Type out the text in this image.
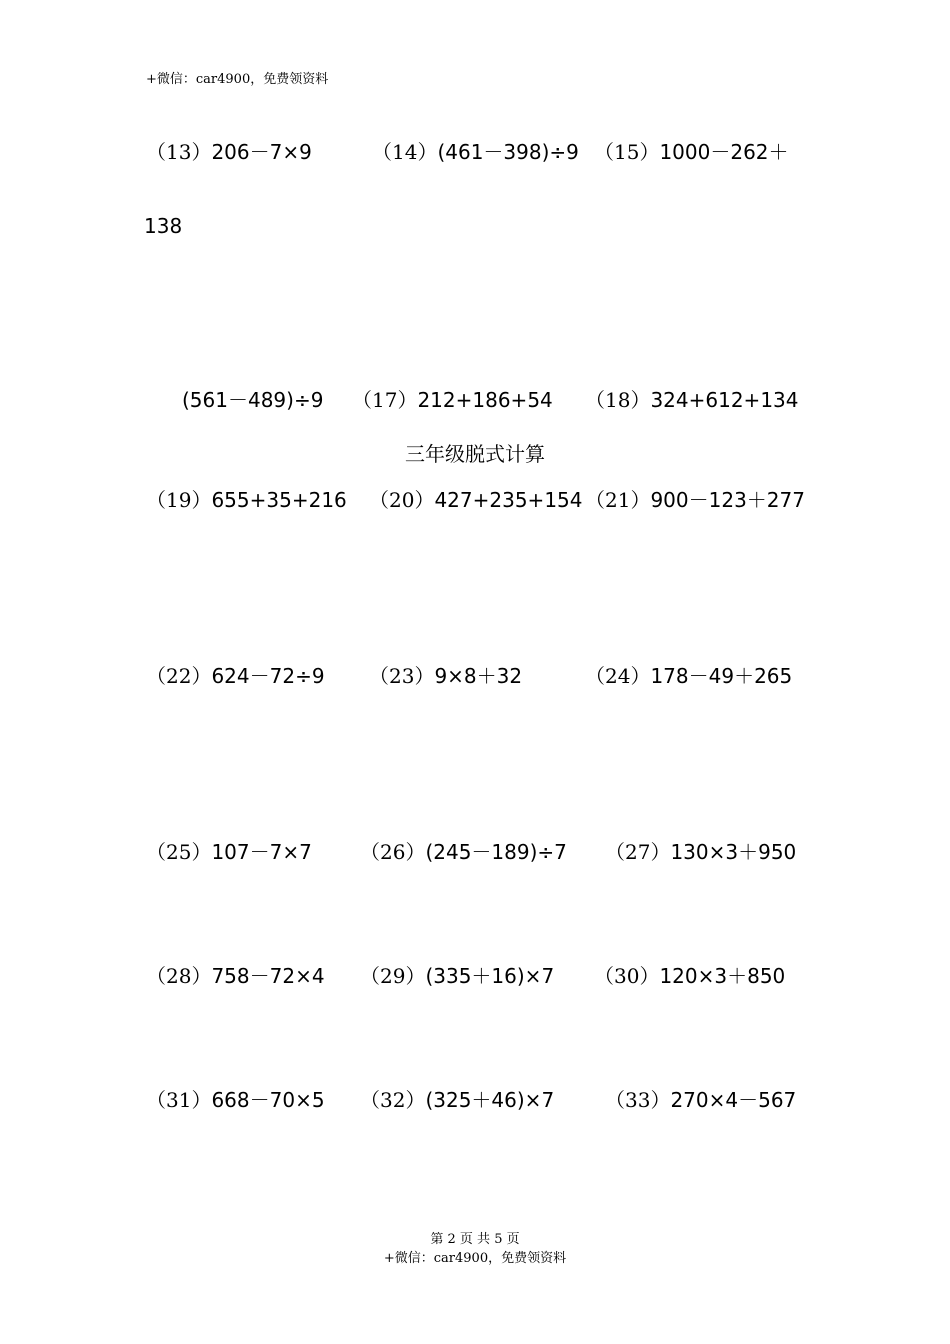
+微信：car4900，免费领资料
（13）206－7×9	（14）(461－398)÷9 （15）1000－262＋
138
(561－489)÷9 （17）212+186+54 （18）324+612+134
三年级脱式计算
（19）655+35+216 （20）427+235+154 （21）900－123＋277
（22）624－72÷9 （23）9×8＋32	（24）178－49＋265
（25）107－7×7 （26）(245－189)÷7 （27）130×3＋950
（28）758－72×4 （29）(335＋16)×7 （30）120×3＋850
（31）668－70×5 （32）(325＋46)×7	（33）270×4－567
第 2 页 共 5 页
+微信：car4900，免费领资料
